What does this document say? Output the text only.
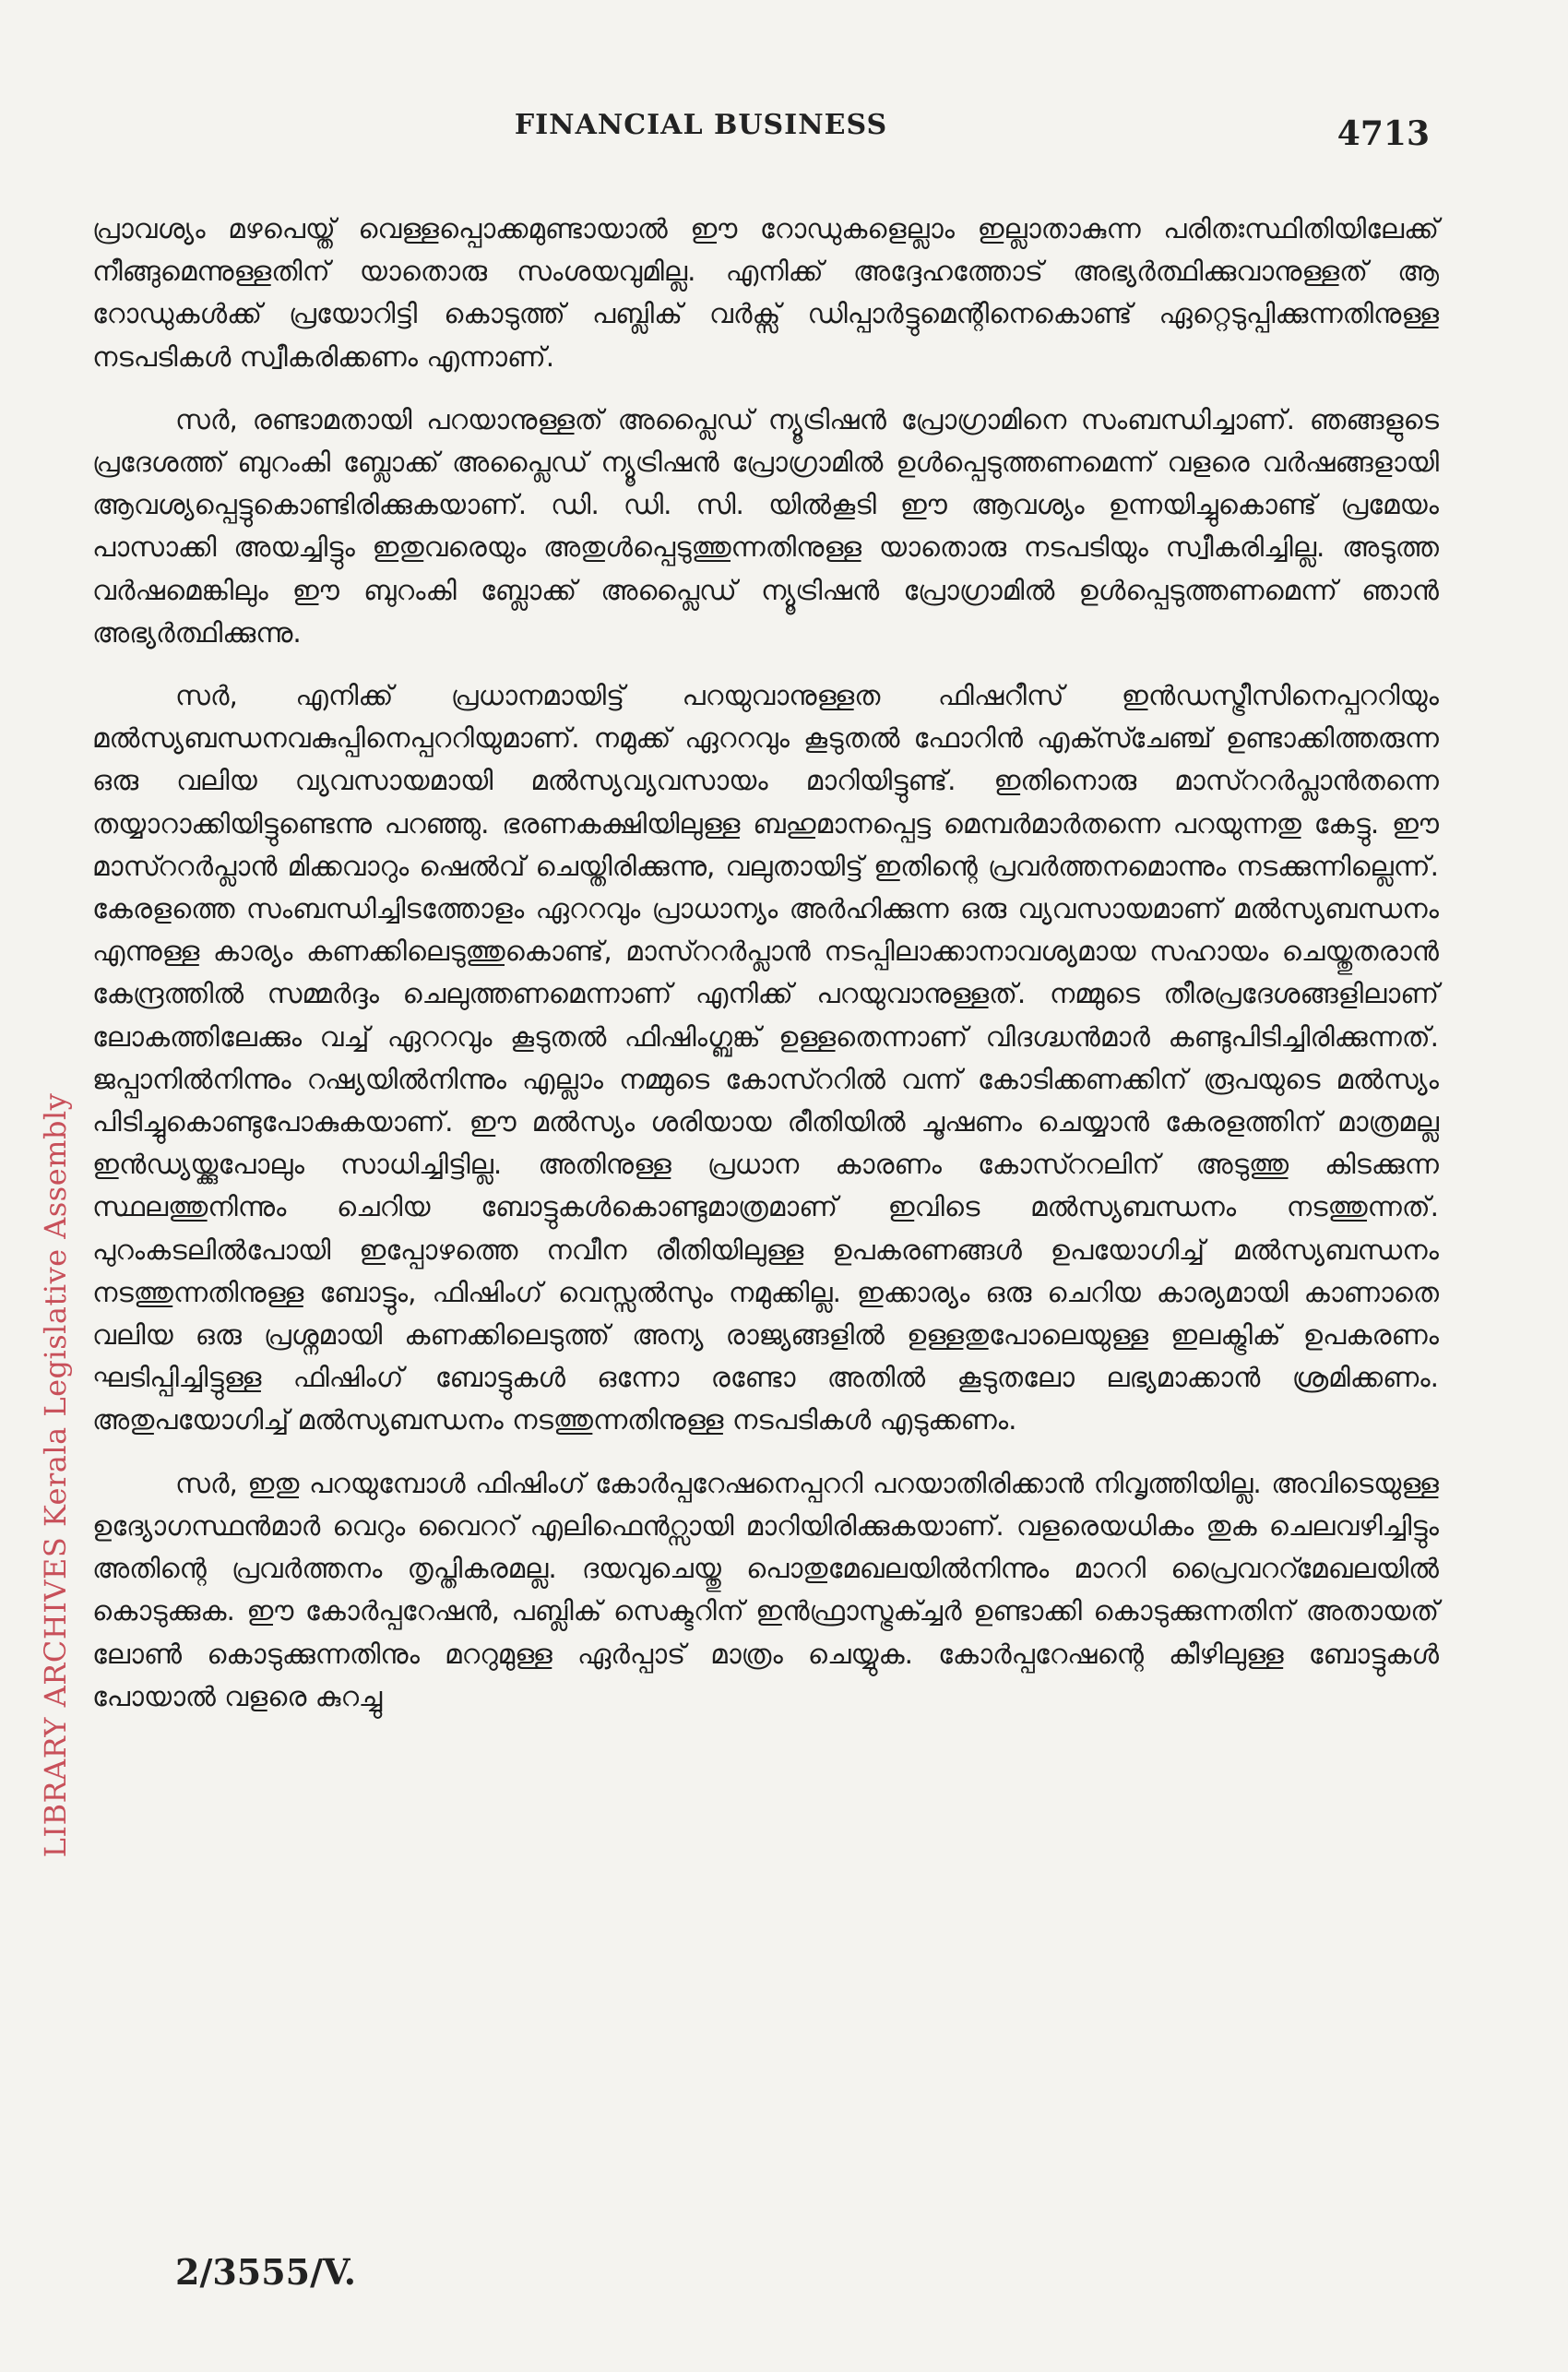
FINANCIAL BUSINESS	4713
LIBRARY ARCHIVES Kerala Legislative Assembly

പ്രാവശ്യം മഴപെയ്ത് വെള്ളപ്പൊക്കമുണ്ടായാൽ ഈ റോഡുകളെല്ലാം ഇല്ലാതാകുന്ന പരിതഃസ്ഥിതിയിലേക്ക് നീങ്ങുമെന്നുള്ളതിന് യാതൊരു സംശയവുമില്ല. എനിക്ക് അദ്ദേഹത്തോട് അഭ്യർത്ഥിക്കുവാനുള്ളത് ആ റോഡുകൾക്ക് പ്രയോറിട്ടി കൊടുത്ത് പബ്ലിക് വർക്സ് ഡിപ്പാർട്ടുമെന്റിനെകൊണ്ട് ഏറ്റെടുപ്പിക്കുന്നതിനുള്ള നടപടികൾ സ്വീകരിക്കണം എന്നാണ്.

സർ, രണ്ടാമതായി പറയാനുള്ളത് അപ്ലൈഡ് ന്യൂട്രിഷൻ പ്രോഗ്രാമിനെ സംബന്ധിച്ചാണ്. ഞങ്ങളുടെ പ്രദേശത്ത് ബുറംകി ബ്ലോക്ക് അപ്ലൈഡ് ന്യൂട്രിഷൻ പ്രോഗ്രാമിൽ ഉൾപ്പെടുത്തണമെന്ന് വളരെ വർഷങ്ങളായി ആവശ്യപ്പെട്ടുകൊണ്ടിരിക്കുകയാണ്. ഡി. ഡി. സി. യിൽകൂടി ഈ ആവശ്യം ഉന്നയിച്ചുകൊണ്ട് പ്രമേയം പാസാക്കി അയച്ചിട്ടും ഇതുവരെയും അതുൾപ്പെടുത്തുന്നതിനുള്ള യാതൊരു നടപടിയും സ്വീകരിച്ചില്ല. അടുത്ത വർഷമെങ്കിലും ഈ ബുറംകി ബ്ലോക്ക് അപ്ലൈഡ് ന്യൂട്രിഷൻ പ്രോഗ്രാമിൽ ഉൾപ്പെടുത്തണമെന്ന് ഞാൻ അഭ്യർത്ഥിക്കുന്നു.

സർ, എനിക്ക് പ്രധാനമായിട്ട് പറയുവാനുള്ളത ഫിഷറീസ് ഇൻഡസ്ട്രീസിനെപ്പററിയും മൽസ്യബന്ധനവകുപ്പിനെപ്പററിയുമാണ്. നമുക്ക് ഏററവും കൂടുതൽ ഫോറിൻ എക്സ്ചേഞ്ച് ഉണ്ടാക്കിത്തരുന്ന ഒരു വലിയ വ്യവസായമായി മൽസ്യവ്യവസായം മാറിയിട്ടുണ്ട്. ഇതിനൊരു മാസ്ററർപ്ലാൻതന്നെ തയ്യാറാക്കിയിട്ടുണ്ടെന്നു പറഞ്ഞു. ഭരണകക്ഷിയിലുള്ള ബഹുമാനപ്പെട്ട മെമ്പർമാർതന്നെ പറയുന്നതു കേട്ടു. ഈ മാസ്ററർപ്ലാൻ മിക്കവാറും ഷെൽവ് ചെയ്തിരിക്കുന്നു, വലുതായിട്ട് ഇതിന്റെ പ്രവർത്തനമൊന്നും നടക്കുന്നില്ലെന്ന്. കേരളത്തെ സംബന്ധിച്ചിടത്തോളം ഏററവും പ്രാധാന്യം അർഹിക്കുന്ന ഒരു വ്യവസായമാണ് മൽസ്യബന്ധനം എന്നുള്ള കാര്യം കണക്കിലെടുത്തുകൊണ്ട്, മാസ്ററർപ്ലാൻ നടപ്പിലാക്കാനാവശ്യമായ സഹായം ചെയ്തുതരാൻ കേന്ദ്രത്തിൽ സമ്മർദ്ദം ചെലുത്തണമെന്നാണ് എനിക്ക് പറയുവാനുള്ളത്. നമ്മുടെ തീരപ്രദേശങ്ങളിലാണ് ലോകത്തിലേക്കും വച്ച് ഏററവും കൂടുതൽ ഫിഷിംഗ്ബങ്ക് ഉള്ളതെന്നാണ് വിദഗ്ദ്ധൻമാർ കണ്ടുപിടിച്ചിരിക്കുന്നത്. ജപ്പാനിൽനിന്നും റഷ്യയിൽനിന്നും എല്ലാം നമ്മുടെ കോസ്ററിൽ വന്ന് കോടിക്കണക്കിന് രൂപയുടെ മൽസ്യം പിടിച്ചുകൊണ്ടുപോകുകയാണ്. ഈ മൽസ്യം ശരിയായ രീതിയിൽ ചൂഷണം ചെയ്യാൻ കേരളത്തിന് മാത്രമല്ല ഇൻഡ്യയ്ക്കുപോലും സാധിച്ചിട്ടില്ല. അതിനുള്ള പ്രധാന കാരണം കോസ്ററലിന് അടുത്തു കിടക്കുന്ന സ്ഥലത്തുനിന്നും ചെറിയ ബോട്ടുകൾകൊണ്ടുമാത്രമാണ് ഇവിടെ മൽസ്യബന്ധനം നടത്തുന്നത്. പുറംകടലിൽപോയി ഇപ്പോഴത്തെ നവീന രീതിയിലുള്ള ഉപകരണങ്ങൾ ഉപയോഗിച്ച് മൽസ്യബന്ധനം നടത്തുന്നതിനുള്ള ബോട്ടും, ഫിഷിംഗ് വെസ്സൽസും നമുക്കില്ല. ഇക്കാര്യം ഒരു ചെറിയ കാര്യമായി കാണാതെ വലിയ ഒരു പ്രശ്നമായി കണക്കിലെടുത്ത് അന്യ രാജ്യങ്ങളിൽ ഉള്ളതുപോലെയുള്ള ഇലക്ട്രിക് ഉപകരണം ഘടിപ്പിച്ചിട്ടുള്ള ഫിഷിംഗ് ബോട്ടുകൾ ഒന്നോ രണ്ടോ അതിൽ കൂടുതലോ ലഭ്യമാക്കാൻ ശ്രമിക്കണം. അതുപയോഗിച്ച് മൽസ്യബന്ധനം നടത്തുന്നതിനുള്ള നടപടികൾ എടുക്കണം.

സർ, ഇതു പറയുമ്പോൾ ഫിഷിംഗ് കോർപ്പറേഷനെപ്പററി പറയാതിരിക്കാൻ നിവൃത്തിയില്ല. അവിടെയുള്ള ഉദ്യോഗസ്ഥൻമാർ വെറും വൈററ് എലിഫെൻറ്സായി മാറിയിരിക്കുകയാണ്. വളരെയധികം തുക ചെലവഴിച്ചിട്ടും അതിന്റെ പ്രവർത്തനം തൃപ്തികരമല്ല. ദയവുചെയ്തു പൊതുമേഖലയിൽനിന്നും മാററി പ്രൈവററ്മേഖലയിൽ കൊടുക്കുക. ഈ കോർപ്പറേഷൻ, പബ്ലിക് സെക്ടറിന് ഇൻഫ്രാസ്ട്രക്ച്ചർ ഉണ്ടാക്കി കൊടുക്കുന്നതിന് അതായത് ലോൺ കൊടുക്കുന്നതിനും മററുമുള്ള ഏർപ്പാട് മാത്രം ചെയ്യുക. കോർപ്പറേഷന്റെ കീഴിലുള്ള ബോട്ടുകൾ പോയാൽ വളരെ കുറച്ചു

2/3555/V.
